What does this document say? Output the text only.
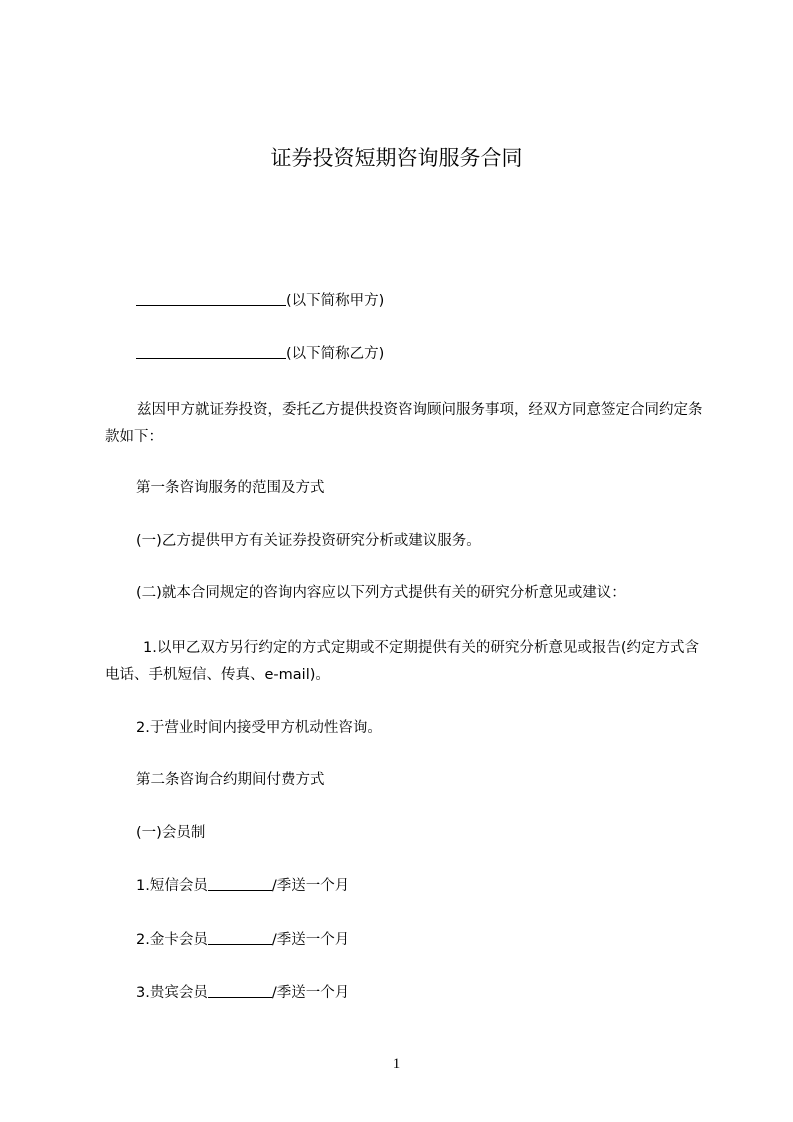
证券投资短期咨询服务合同
(以下简称甲方)
(以下简称乙方)
兹因甲方就证券投资，委托乙方提供投资咨询顾问服务事项，经双方同意签定合同约定条款如下：
第一条咨询服务的范围及方式
(一)乙方提供甲方有关证券投资研究分析或建议服务。
(二)就本合同规定的咨询内容应以下列方式提供有关的研究分析意见或建议：
1.以甲乙双方另行约定的方式定期或不定期提供有关的研究分析意见或报告(约定方式含电话、手机短信、传真、e-mail)。
2.于营业时间内接受甲方机动性咨询。
第二条咨询合约期间付费方式
(一)会员制
1.短信会员	/季送一个月
2.金卡会员	/季送一个月
3.贵宾会员	/季送一个月
1
